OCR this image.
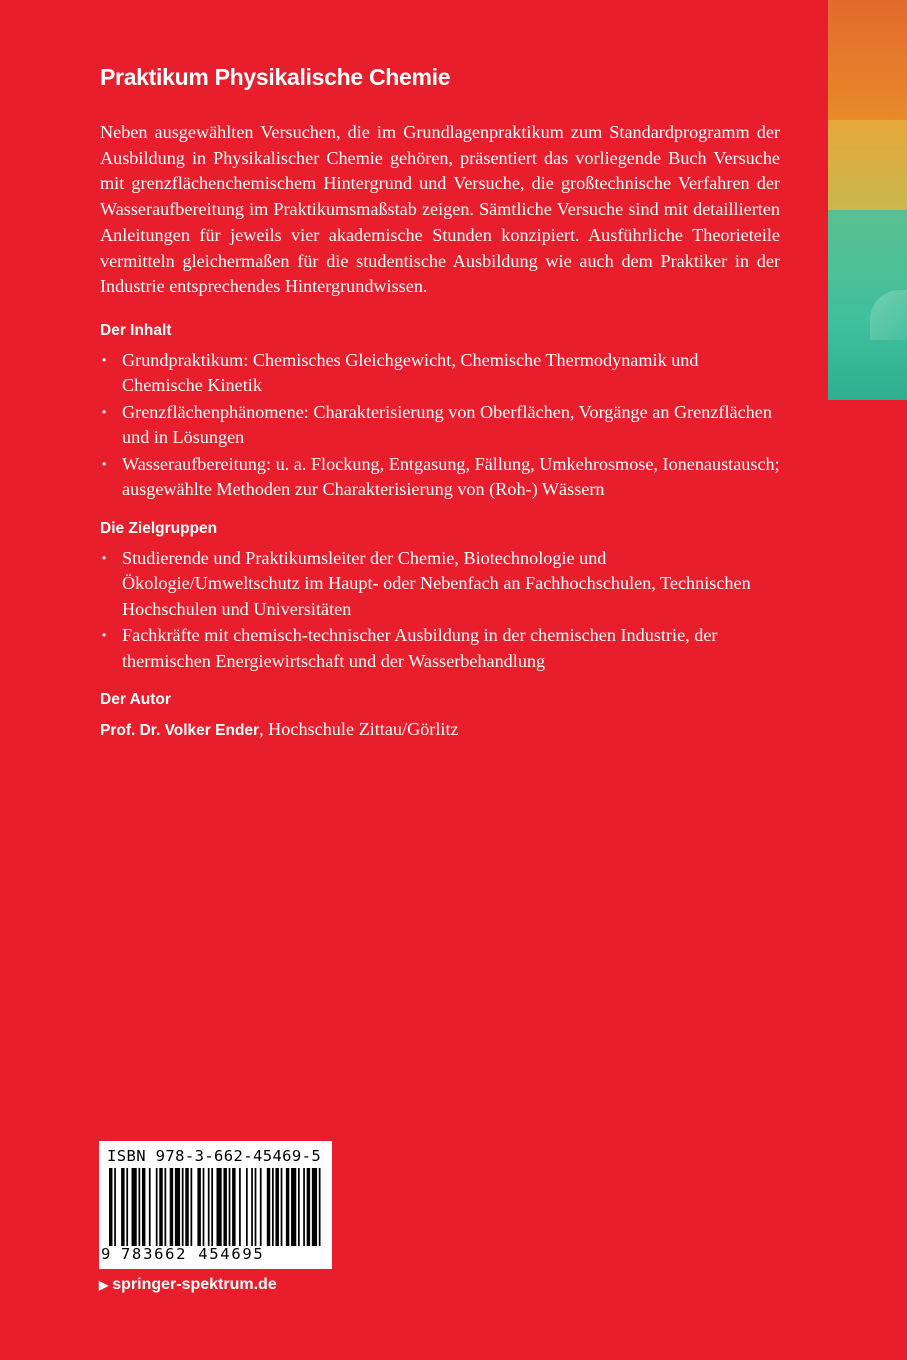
Praktikum Physikalische Chemie

Neben ausgewählten Versuchen, die im Grundlagenpraktikum zum Standardprogramm der Ausbildung in Physikalischer Chemie gehören, präsentiert das vorliegende Buch Versuche mit grenzflächenchemischem Hintergrund und Versuche, die großtechnische Verfahren der Wasseraufbereitung im Praktikumsmaßstab zeigen. Sämtliche Versuche sind mit detaillierten Anleitungen für jeweils vier akademische Stunden konzipiert. Ausführliche Theorieteile vermitteln gleichermaßen für die studentische Ausbildung wie auch dem Praktiker in der Industrie entsprechendes Hintergrundwissen.

Der Inhalt
• Grundpraktikum: Chemisches Gleichgewicht, Chemische Thermodynamik und Chemische Kinetik
• Grenzflächenphänomene: Charakterisierung von Oberflächen, Vorgänge an Grenzflächen und in Lösungen
• Wasseraufbereitung: u. a. Flockung, Entgasung, Fällung, Umkehrosmose, Ionenaustausch; ausgewählte Methoden zur Charakterisierung von (Roh-) Wässern
Die Zielgruppen
• Studierende und Praktikumsleiter der Chemie, Biotechnologie und Ökologie/Umweltschutz im Haupt- oder Nebenfach an Fachhochschulen, Technischen Hochschulen und Universitäten
• Fachkräfte mit chemisch-technischer Ausbildung in der chemischen Industrie, der thermischen Energiewirtschaft und der Wasserbehandlung
Der Autor
Prof. Dr. Volker Ender, Hochschule Zittau/Görlitz
ISBN 978-3-662-45469-5
9 783662 454695
▶ springer-spektrum.de
